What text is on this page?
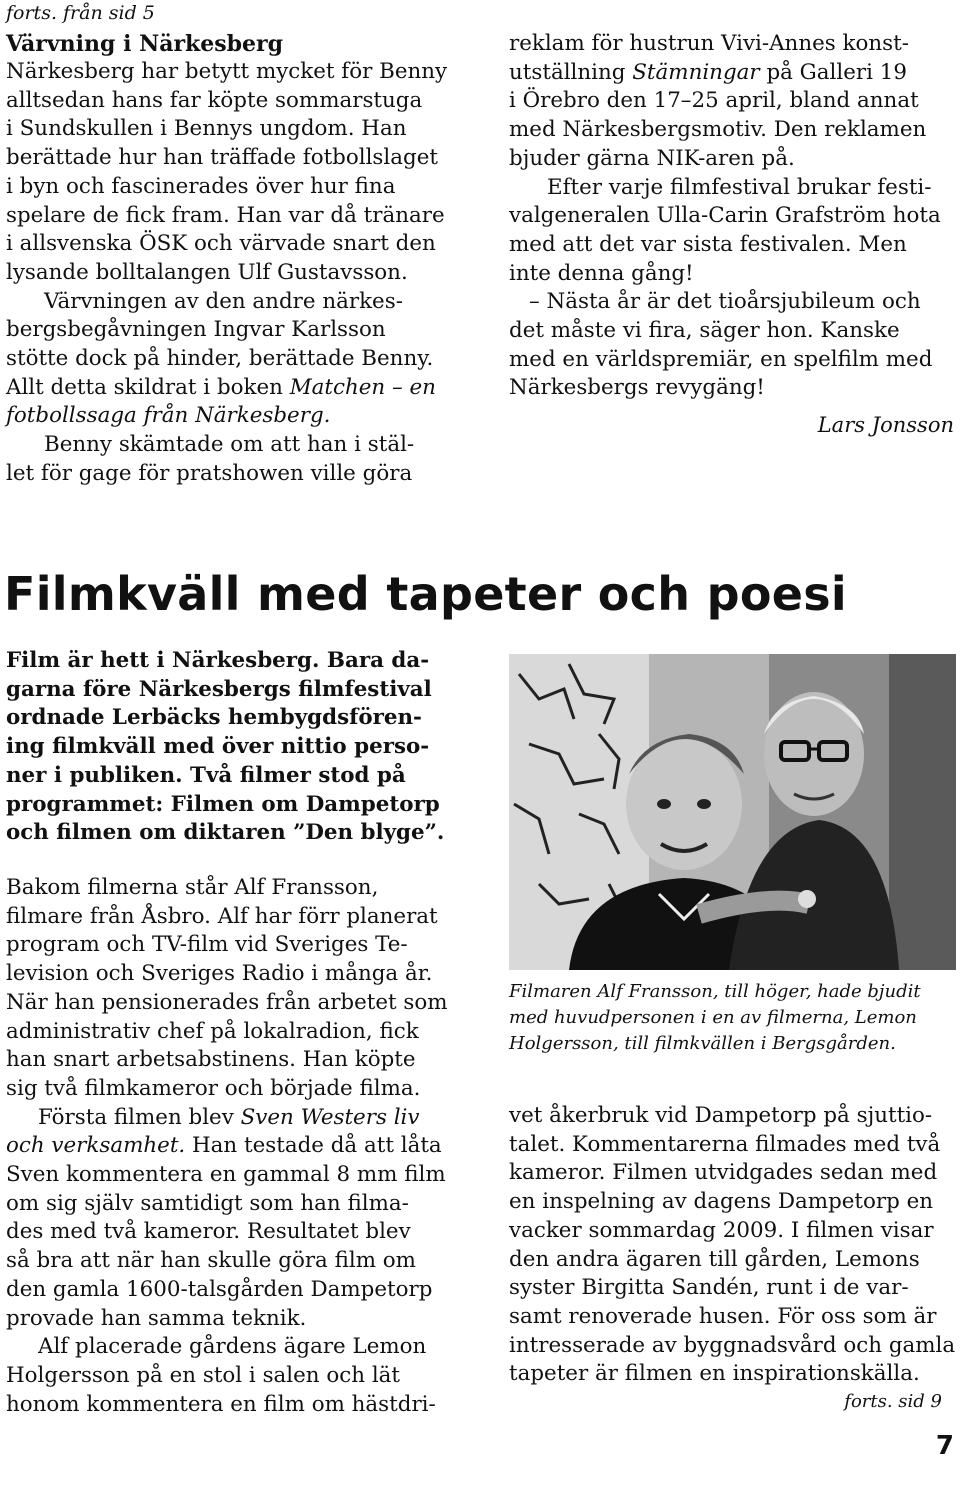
forts. från sid 5
Värvning i Närkesberg
Närkesberg har betytt mycket för Benny
alltsedan hans far köpte sommarstuga
i Sundskullen i Bennys ungdom. Han
berättade hur han träffade fotbollslaget
i byn och fascinerades över hur fina
spelare de fick fram. Han var då tränare
i allsvenska ÖSK och värvade snart den
lysande bolltalangen Ulf Gustavsson.
Värvningen av den andre närkes-
bergsbegåvningen Ingvar Karlsson
stötte dock på hinder, berättade Benny.
Allt detta skildrat i boken Matchen – en
fotbollssaga från Närkesberg.
Benny skämtade om att han i stäl-
let för gage för pratshowen ville göra
reklam för hustrun Vivi-Annes konst-
utställning Stämningar på Galleri 19
i Örebro den 17–25 april, bland annat
med Närkesbergsmotiv. Den reklamen
bjuder gärna NIK-aren på.
Efter varje filmfestival brukar festi-
valgeneralen Ulla-Carin Grafström hota
med att det var sista festivalen. Men
inte denna gång!
– Nästa år är det tioårsjubileum och
det måste vi fira, säger hon. Kanske
med en världspremiär, en spelfilm med
Närkesbergs revygäng!
Lars Jonsson
Filmkväll med tapeter och poesi
Film är hett i Närkesberg. Bara da-
garna före Närkesbergs filmfestival
ordnade Lerbäcks hembygdsfören-
ing filmkväll med över nittio perso-
ner i publiken. Två filmer stod på
programmet: Filmen om Dampetorp
och filmen om diktaren ”Den blyge”.
Filmaren Alf Fransson, till höger, hade bjudit
med huvudpersonen i en av filmerna, Lemon
Holgersson, till filmkvällen i Bergsgården.
Bakom filmerna står Alf Fransson,
filmare från Åsbro. Alf har förr planerat
program och TV-film vid Sveriges Te-
levision och Sveriges Radio i många år.
När han pensionerades från arbetet som
administrativ chef på lokalradion, fick
han snart arbetsabstinens. Han köpte
sig två filmkameror och började filma.
Första filmen blev Sven Westers liv
och verksamhet. Han testade då att låta
Sven kommentera en gammal 8 mm film
om sig själv samtidigt som han filma-
des med två kameror. Resultatet blev
så bra att när han skulle göra film om
den gamla 1600-talsgården Dampetorp
provade han samma teknik.
Alf placerade gårdens ägare Lemon
Holgersson på en stol i salen och lät
honom kommentera en film om hästdri-
vet åkerbruk vid Dampetorp på sjuttio-
talet. Kommentarerna filmades med två
kameror. Filmen utvidgades sedan med
en inspelning av dagens Dampetorp en
vacker sommardag 2009. I filmen visar
den andra ägaren till gården, Lemons
syster Birgitta Sandén, runt i de var-
samt renoverade husen. För oss som är
intresserade av byggnadsvård och gamla
tapeter är filmen en inspirationskälla.
forts. sid 9
7
